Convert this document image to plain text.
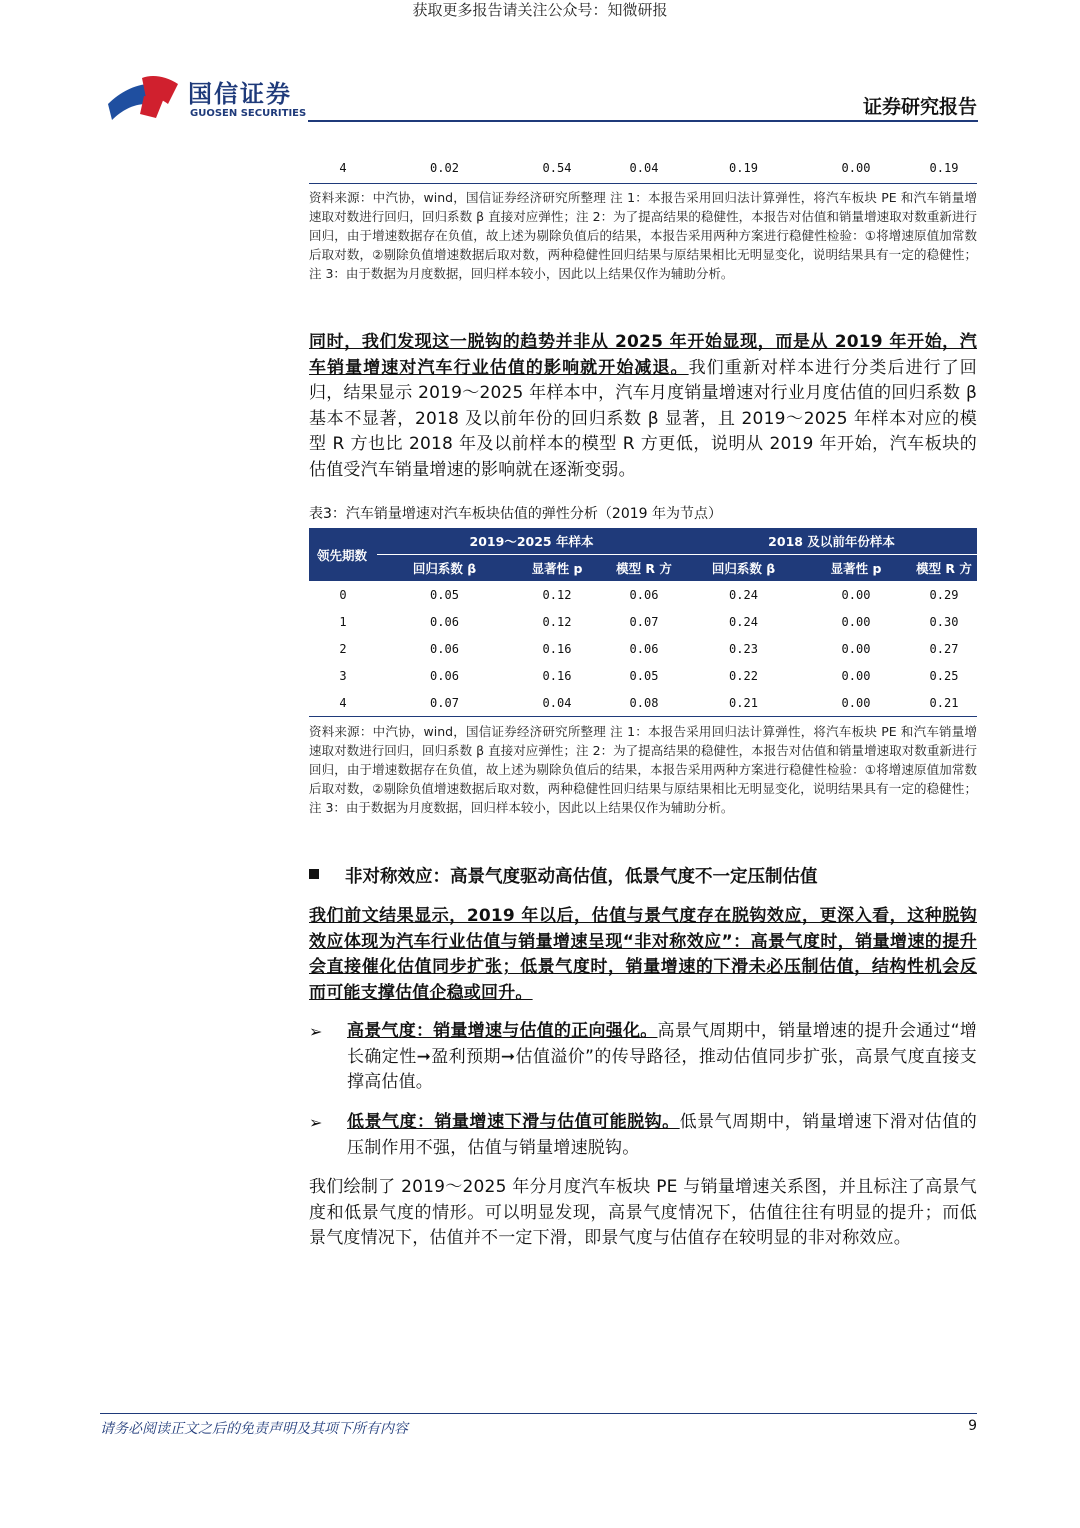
获取更多报告请关注公众号：知微研报
国信证券
GUOSEN SECURITIES	证券研究报告
4	0.02	0.54	0.04	0.19	0.00	0.19

资料来源：中汽协，wind，国信证券经济研究所整理 注 1：本报告采用回归法计算弹性，将汽车板块 PE 和汽车销量增速取对数进行回归，回归系数 β 直接对应弹性；注 2：为了提高结果的稳健性，本报告对估值和销量增速取对数重新进行回归，由于增速数据存在负值，故上述为剔除负值后的结果，本报告采用两种方案进行稳健性检验：①将增速原值加常数后取对数，②剔除负值增速数据后取对数，两种稳健性回归结果与原结果相比无明显变化，说明结果具有一定的稳健性；注 3：由于数据为月度数据，回归样本较小，因此以上结果仅作为辅助分析。

同时，我们发现这一脱钩的趋势并非从 2025 年开始显现，而是从 2019 年开始，汽车销量增速对汽车行业估值的影响就开始减退。我们重新对样本进行分类后进行了回归，结果显示 2019～2025 年样本中，汽车月度销量增速对行业月度估值的回归系数 β 基本不显著，2018 及以前年份的回归系数 β 显著，且 2019～2025 年样本对应的模型 R 方也比 2018 年及以前样本的模型 R 方更低，说明从 2019 年开始，汽车板块的估值受汽车销量增速的影响就在逐渐变弱。

表3：汽车销量增速对汽车板块估值的弹性分析（2019 年为节点）
领先期数	2019～2025 年样本			2018 及以前年份样本		
	回归系数 β	显著性 p	模型 R 方	回归系数 β	显著性 p	模型 R 方
0	0.05	0.12	0.06	0.24	0.00	0.29
1	0.06	0.12	0.07	0.24	0.00	0.30
2	0.06	0.16	0.06	0.23	0.00	0.27
3	0.06	0.16	0.05	0.22	0.00	0.25
4	0.07	0.04	0.08	0.21	0.00	0.21

资料来源：中汽协，wind，国信证券经济研究所整理 注 1：本报告采用回归法计算弹性，将汽车板块 PE 和汽车销量增速取对数进行回归，回归系数 β 直接对应弹性；注 2：为了提高结果的稳健性，本报告对估值和销量增速取对数重新进行回归，由于增速数据存在负值，故上述为剔除负值后的结果，本报告采用两种方案进行稳健性检验：①将增速原值加常数后取对数，②剔除负值增速数据后取对数，两种稳健性回归结果与原结果相比无明显变化，说明结果具有一定的稳健性；注 3：由于数据为月度数据，回归样本较小，因此以上结果仅作为辅助分析。

非对称效应：高景气度驱动高估值，低景气度不一定压制估值

我们前文结果显示，2019 年以后，估值与景气度存在脱钩效应，更深入看，这种脱钩效应体现为汽车行业估值与销量增速呈现“非对称效应”：高景气度时，销量增速的提升会直接催化估值同步扩张；低景气度时，销量增速的下滑未必压制估值，结构性机会反而可能支撑估值企稳或回升。

➢ 高景气度：销量增速与估值的正向强化。高景气周期中，销量增速的提升会通过“增长确定性➞盈利预期➞估值溢价”的传导路径，推动估值同步扩张，高景气度直接支撑高估值。

➢ 低景气度：销量增速下滑与估值可能脱钩。低景气周期中，销量增速下滑对估值的压制作用不强，估值与销量增速脱钩。

我们绘制了 2019～2025 年分月度汽车板块 PE 与销量增速关系图，并且标注了高景气度和低景气度的情形。可以明显发现，高景气度情况下，估值往往有明显的提升；而低景气度情况下，估值并不一定下滑，即景气度与估值存在较明显的非对称效应。

请务必阅读正文之后的免责声明及其项下所有内容	9
